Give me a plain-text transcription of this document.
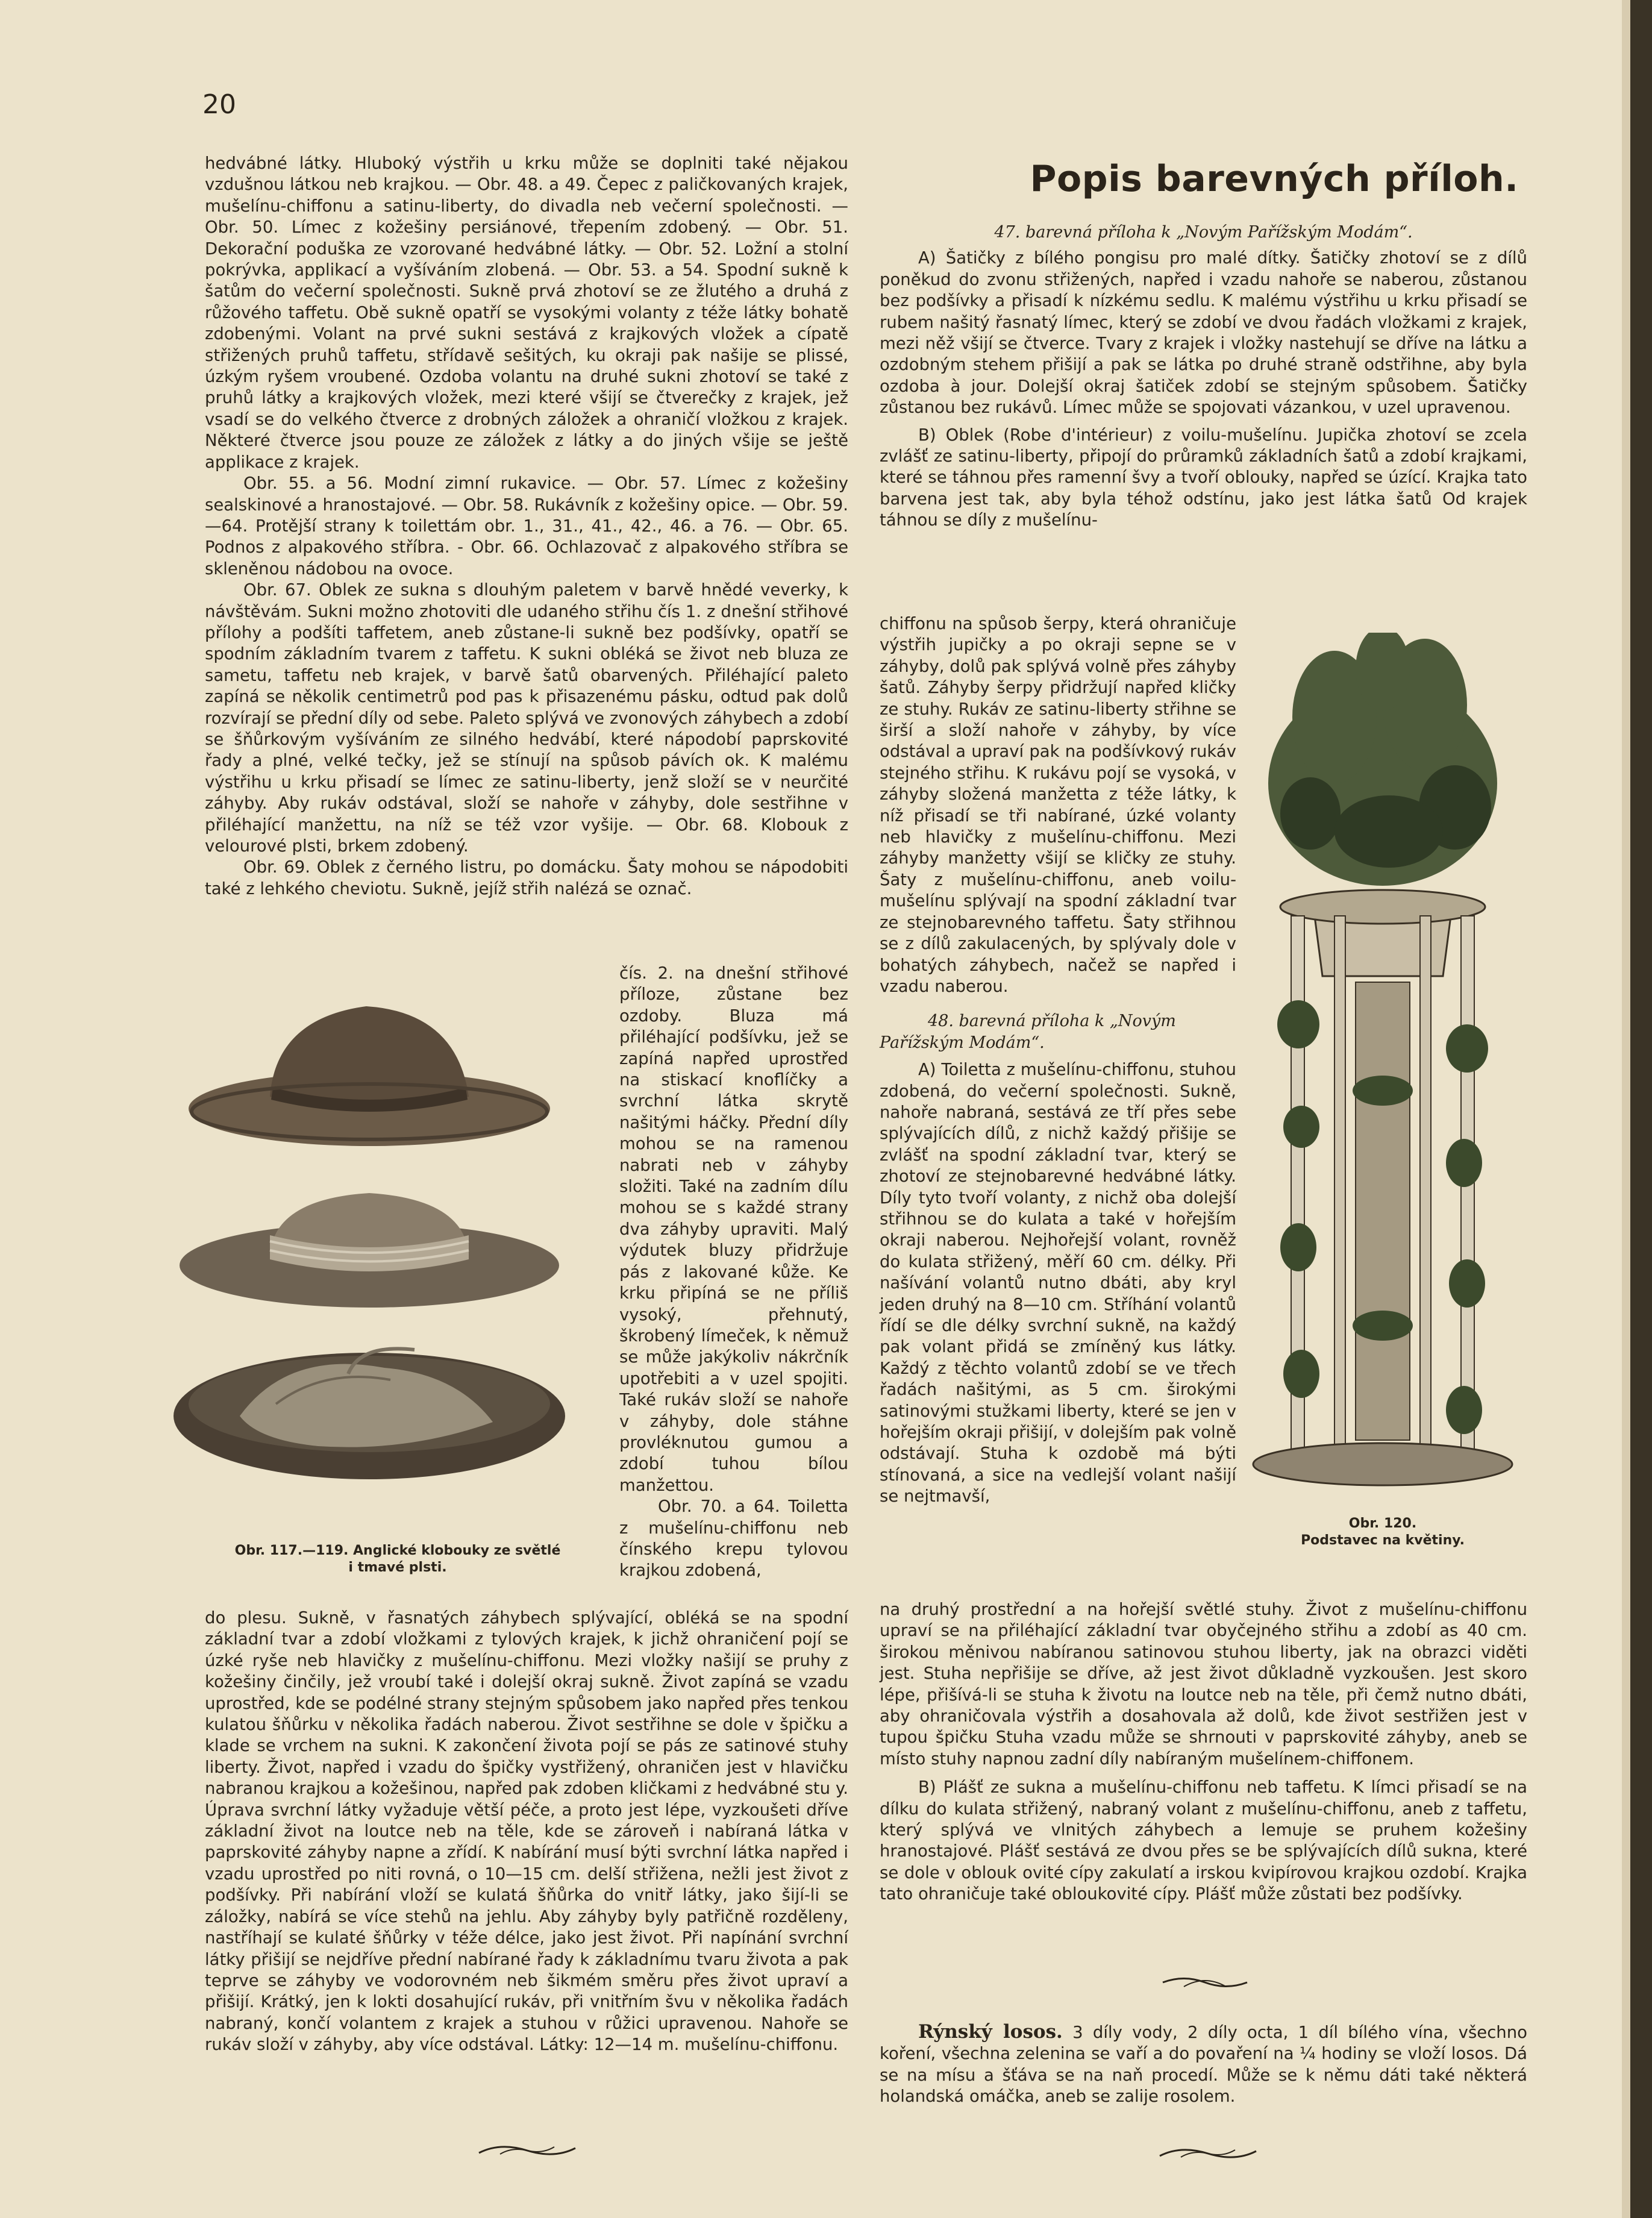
20

hedvábné látky. Hluboký výstřih u krku může se doplniti také nějakou vzdušnou látkou neb krajkou. — Obr. 48. a 49. Čepec z paličkovaných krajek, mušelínu-chiffonu a satinu-liberty, do divadla neb večerní společnosti. — Obr. 50. Límec z kožešiny persiánové, třepením zdobený. — Obr. 51. Dekorační poduška ze vzorované hedvábné látky. — Obr. 52. Ložní a stolní pokrývka, applikací a vyšíváním zlobená. — Obr. 53. a 54. Spodní sukně k šatům do večerní společnosti. Sukně prvá zhotoví se ze žlutého a druhá z růžového taffetu. Obě sukně opatří se vysokými volanty z téže látky bohatě zdobenými. Volant na prvé sukni sestává z krajkových vložek a cípatě střižených pruhů taffetu, střídavě sešitých, ku okraji pak našije se plissé, úzkým ryšem vroubené. Ozdoba volantu na druhé sukni zhotoví se také z pruhů látky a krajkových vložek, mezi které všijí se čtverečky z krajek, jež vsadí se do velkého čtverce z drobných záložek a ohraničí vložkou z krajek. Některé čtverce jsou pouze ze záložek z látky a do jiných všije se ještě applikace z krajek.

Obr. 55. a 56. Modní zimní rukavice. — Obr. 57. Límec z kožešiny sealskinové a hranostajové. — Obr. 58. Rukávník z kožešiny opice. — Obr. 59.—64. Protější strany k toilettám obr. 1., 31., 41., 42., 46. a 76. — Obr. 65. Podnos z alpakového stříbra. - Obr. 66. Ochlazovač z alpakového stříbra se skleněnou nádobou na ovoce.

Obr. 67. Oblek ze sukna s dlouhým paletem v barvě hnědé veverky, k návštěvám. Sukni možno zhotoviti dle udaného střihu čís 1. z dnešní střihové přílohy a podšíti taffetem, aneb zůstane-li sukně bez podšívky, opatří se spodním základním tvarem z taffetu. K sukni obléká se život neb bluza ze sametu, taffetu neb krajek, v barvě šatů obarvených. Přiléhající paleto zapíná se několik centimetrů pod pas k přisazenému pásku, odtud pak dolů rozvírají se přední díly od sebe. Paleto splývá ve zvonových záhybech a zdobí se šňůrkovým vyšíváním ze silného hedvábí, které nápodobí paprskovité řady a plné, velké tečky, jež se stínují na spůsob pávích ok. K malému výstřihu u krku přisadí se límec ze satinu-liberty, jenž složí se v neurčité záhyby. Aby rukáv odstával, složí se nahoře v záhyby, dole sestřihne v přiléhající manžettu, na níž se též vzor vyšije. — Obr. 68. Klobouk z velourové plsti, brkem zdobený.

Obr. 69. Oblek z černého listru, po domácku. Šaty mohou se nápodobiti také z lehkého cheviotu. Sukně, jejíž střih nalézá se označ.

Obr. 117.—119. Anglické klobouky ze světlé
i tmavé plsti.

čís. 2. na dnešní střihové příloze, zůstane bez ozdoby. Bluza má přiléhající podšívku, jež se zapíná napřed uprostřed na stiskací knoflíčky a svrchní látka skrytě našitými háčky. Přední díly mohou se na ramenou nabrati neb v záhyby složiti. Také na zadním dílu mohou se s každé strany dva záhyby upraviti. Malý výdutek bluzy přidržuje pás z lakované kůže. Ke krku připíná se ne příliš vysoký, přehnutý, škrobený límeček, k němuž se může jakýkoliv nákrčník upotřebiti a v uzel spojiti. Také rukáv složí se nahoře v záhyby, dole stáhne provléknutou gumou a zdobí tuhou bílou manžettou.

Obr. 70. a 64. Toiletta z mušelínu-chiffonu neb čínského krepu tylovou krajkou zdobená,

do plesu. Sukně, v řasnatých záhybech splývající, obléká se na spodní základní tvar a zdobí vložkami z tylových krajek, k jichž ohraničení pojí se úzké ryše neb hlavičky z mušelínu-chiffonu. Mezi vložky našijí se pruhy z kožešiny činčily, jež vroubí také i dolejší okraj sukně. Život zapíná se vzadu uprostřed, kde se podélné strany stejným spůsobem jako napřed přes tenkou kulatou šňůrku v několika řadách naberou. Život sestřihne se dole v špičku a klade se vrchem na sukni. K zakončení života pojí se pás ze satinové stuhy liberty. Život, napřed i vzadu do špičky vystřižený, ohraničen jest v hlavičku nabranou krajkou a kožešinou, napřed pak zdoben kličkami z hedvábné stu y. Úprava svrchní látky vyžaduje větší péče, a proto jest lépe, vyzkoušeti dříve základní život na loutce neb na těle, kde se zároveň i nabíraná látka v paprskovité záhyby napne a zřídí. K nabírání musí býti svrchní látka napřed i vzadu uprostřed po niti rovná, o 10—15 cm. delší střižena, nežli jest život z podšívky. Při nabírání vloží se kulatá šňůrka do vnitř látky, jako šijí-li se záložky, nabírá se více stehů na jehlu. Aby záhyby byly patřičně rozděleny, nastříhají se kulaté šňůrky v téže délce, jako jest život. Při napínání svrchní látky přišijí se nejdříve přední nabírané řady k základnímu tvaru života a pak teprve se záhyby ve vodorovném neb šikmém směru přes život upraví a přišijí. Krátký, jen k lokti dosahující rukáv, při vnitřním švu v několika řadách nabraný, končí volantem z krajek a stuhou v růžici upravenou. Nahoře se rukáv složí v záhyby, aby více odstával. Látky: 12—14 m. mušelínu-chiffonu.

Popis barevných příloh.

47. barevná příloha k „Novým Pařížským Modám“.

A) Šatičky z bílého pongisu pro malé dítky. Šatičky zhotoví se z dílů poněkud do zvonu střižených, napřed i vzadu nahoře se naberou, zůstanou bez podšívky a přisadí k nízkému sedlu. K malému výstřihu u krku přisadí se rubem našitý řasnatý límec, který se zdobí ve dvou řadách vložkami z krajek, mezi něž všijí se čtverce. Tvary z krajek i vložky nastehují se dříve na látku a ozdobným stehem přišijí a pak se látka po druhé straně odstřihne, aby byla ozdoba à jour. Dolejší okraj šatiček zdobí se stejným spůsobem. Šatičky zůstanou bez rukávů. Límec může se spojovati vázankou, v uzel upravenou.

B) Oblek (Robe d'intérieur) z voilu-mušelínu. Jupička zhotoví se zcela zvlášť ze satinu-liberty, připojí do průramků základních šatů a zdobí krajkami, které se táhnou přes ramenní švy a tvoří oblouky, napřed se úzící. Krajka tato barvena jest tak, aby byla téhož odstínu, jako jest látka šatů Od krajek táhnou se díly z mušelínu-

chiffonu na spůsob šerpy, která ohraničuje výstřih jupičky a po okraji sepne se v záhyby, dolů pak splývá volně přes záhyby šatů. Záhyby šerpy přidržují napřed kličky ze stuhy. Rukáv ze satinu-liberty střihne se širší a složí nahoře v záhyby, by více odstával a upraví pak na podšívkový rukáv stejného střihu. K rukávu pojí se vysoká, v záhyby složená manžetta z téže látky, k níž přisadí se tři nabírané, úzké volanty neb hlavičky z mušelínu-chiffonu. Mezi záhyby manžetty všijí se kličky ze stuhy. Šaty z mušelínu-chiffonu, aneb voilu-mušelínu splývají na spodní základní tvar ze stejnobarevného taffetu. Šaty střihnou se z dílů zakulacených, by splývaly dole v bohatých záhybech, načež se napřed i vzadu naberou.

48. barevná příloha k „Novým

Pařížským Modám“.

A) Toiletta z mušelínu-chiffonu, stuhou zdobená, do večerní společnosti. Sukně, nahoře nabraná, sestává ze tří přes sebe splývajících dílů, z nichž každý přišije se zvlášť na spodní základní tvar, který se zhotoví ze stejnobarevné hedvábné látky. Díly tyto tvoří volanty, z nichž oba dolejší střihnou se do kulata a také v hořejším okraji naberou. Nejhořejší volant, rovněž do kulata střižený, měří 60 cm. délky. Při našívání volantů nutno dbáti, aby kryl jeden druhý na 8—10 cm. Stříhání volantů řídí se dle délky svrchní sukně, na každý pak volant přidá se zmíněný kus látky. Každý z těchto volantů zdobí se ve třech řadách našitými, as 5 cm. širokými satinovými stužkami liberty, které se jen v hořejším okraji přišijí, v dolejším pak volně odstávají. Stuha k ozdobě má býti stínovaná, a sice na vedlejší volant našijí se nejtmavší,

Obr. 120.
Podstavec na květiny.

na druhý prostřední a na hořejší světlé stuhy. Život z mušelínu-chiffonu upraví se na přiléhající základní tvar obyčejného střihu a zdobí as 40 cm. širokou měnivou nabíranou satinovou stuhou liberty, jak na obrazci viděti jest. Stuha nepřišije se dříve, až jest život důkladně vyzkoušen. Jest skoro lépe, přišívá-li se stuha k životu na loutce neb na těle, při čemž nutno dbáti, aby ohraničovala výstřih a dosahovala až dolů, kde život sestřižen jest v tupou špičku Stuha vzadu může se shrnouti v paprskovité záhyby, aneb se místo stuhy napnou zadní díly nabíraným mušelínem-chiffonem.

B) Plášť ze sukna a mušelínu-chiffonu neb taffetu. K límci přisadí se na dílku do kulata střižený, nabraný volant z mušelínu-chiffonu, aneb z taffetu, který splývá ve vlnitých záhybech a lemuje se pruhem kožešiny hranostajové. Plášť sestává ze dvou přes se be splývajících dílů sukna, které se dole v oblouk ovité cípy zakulatí a irskou kvipírovou krajkou ozdobí. Krajka tato ohraničuje také obloukovité cípy. Plášť může zůstati bez podšívky.

Rýnský losos. 3 díly vody, 2 díly octa, 1 díl bílého vína, všechno koření, všechna zelenina se vaří a do povaření na ¼ hodiny se vloží losos. Dá se na mísu a šťáva se na naň procedí. Může se k němu dáti také některá holandská omáčka, aneb se zalije rosolem.
